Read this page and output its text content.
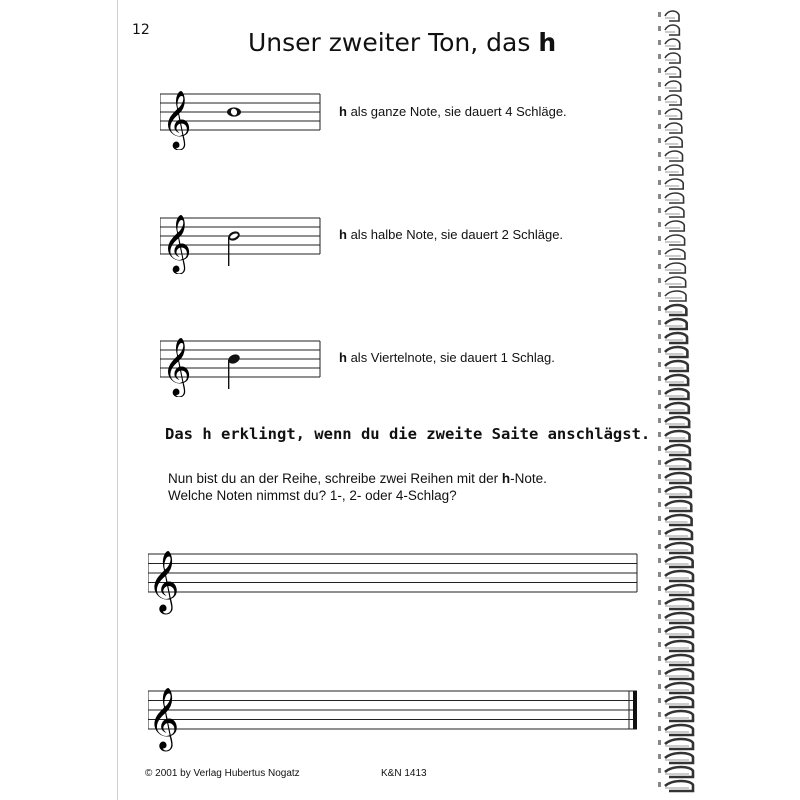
12	Unser zweiter Ton, das h
𝄞	h als ganze Note, sie dauert 4 Schläge.
𝄞	h als halbe Note, sie dauert 2 Schläge.
𝄞	h als Viertelnote, sie dauert 1 Schlag.
Das h erklingt, wenn du die zweite Saite anschlägst.
Nun bist du an der Reihe, schreibe zwei Reihen mit der h-Note.
Welche Noten nimmst du? 1-, 2- oder 4-Schlag?
𝄞
𝄞
© 2001 by Verlag Hubertus Nogatz	K&N 1413
